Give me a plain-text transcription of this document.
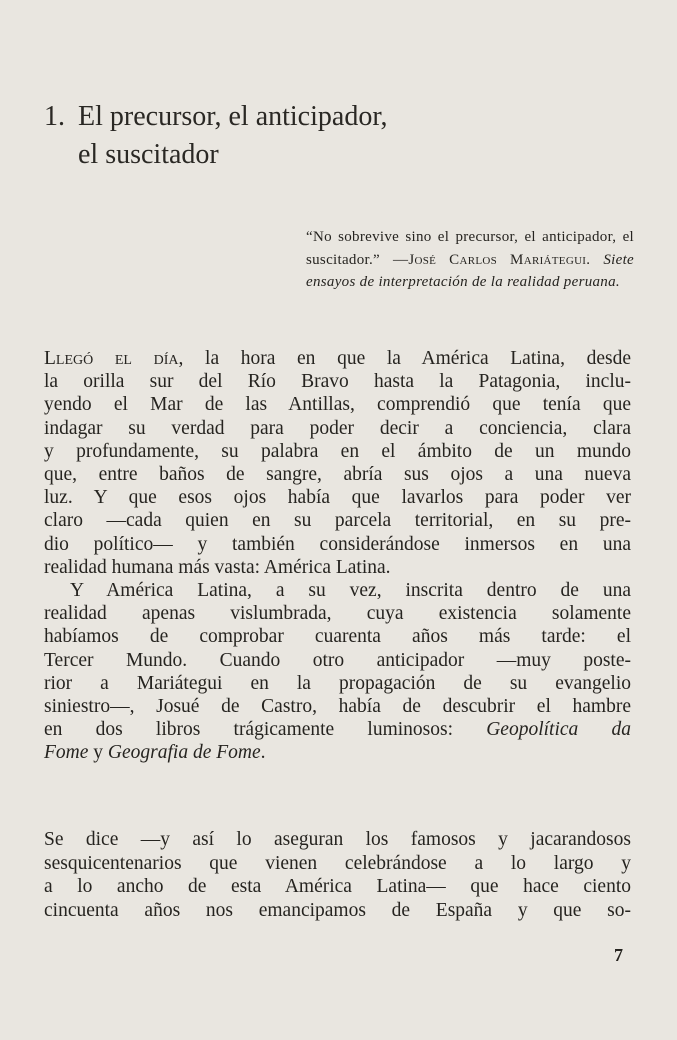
1. El precursor, el anticipador,
el suscitador
“No sobrevive sino el precursor, el anticipador, el suscitador.” —José Carlos Mariátegui. Siete ensayos de interpretación de la realidad peruana.

Llegó el día, la hora en que la América Latina, desde
la orilla sur del Río Bravo hasta la Patagonia, inclu-
yendo el Mar de las Antillas, comprendió que tenía que
indagar su verdad para poder decir a conciencia, clara
y profundamente, su palabra en el ámbito de un mundo
que, entre baños de sangre, abría sus ojos a una nueva
luz. Y que esos ojos había que lavarlos para poder ver
claro —cada quien en su parcela territorial, en su pre-
dio político— y también considerándose inmersos en una
realidad humana más vasta: América Latina.

Y América Latina, a su vez, inscrita dentro de una
realidad apenas vislumbrada, cuya existencia solamente
habíamos de comprobar cuarenta años más tarde: el
Tercer Mundo. Cuando otro anticipador —muy poste-
rior a Mariátegui en la propagación de su evangelio
siniestro—, Josué de Castro, había de descubrir el hambre
en dos libros trágicamente luminosos: Geopolítica da
Fome y Geografia de Fome.

Se dice —y así lo aseguran los famosos y jacarandosos
sesquicentenarios que vienen celebrándose a lo largo y
a lo ancho de esta América Latina— que hace ciento
cincuenta años nos emancipamos de España y que so-
7
